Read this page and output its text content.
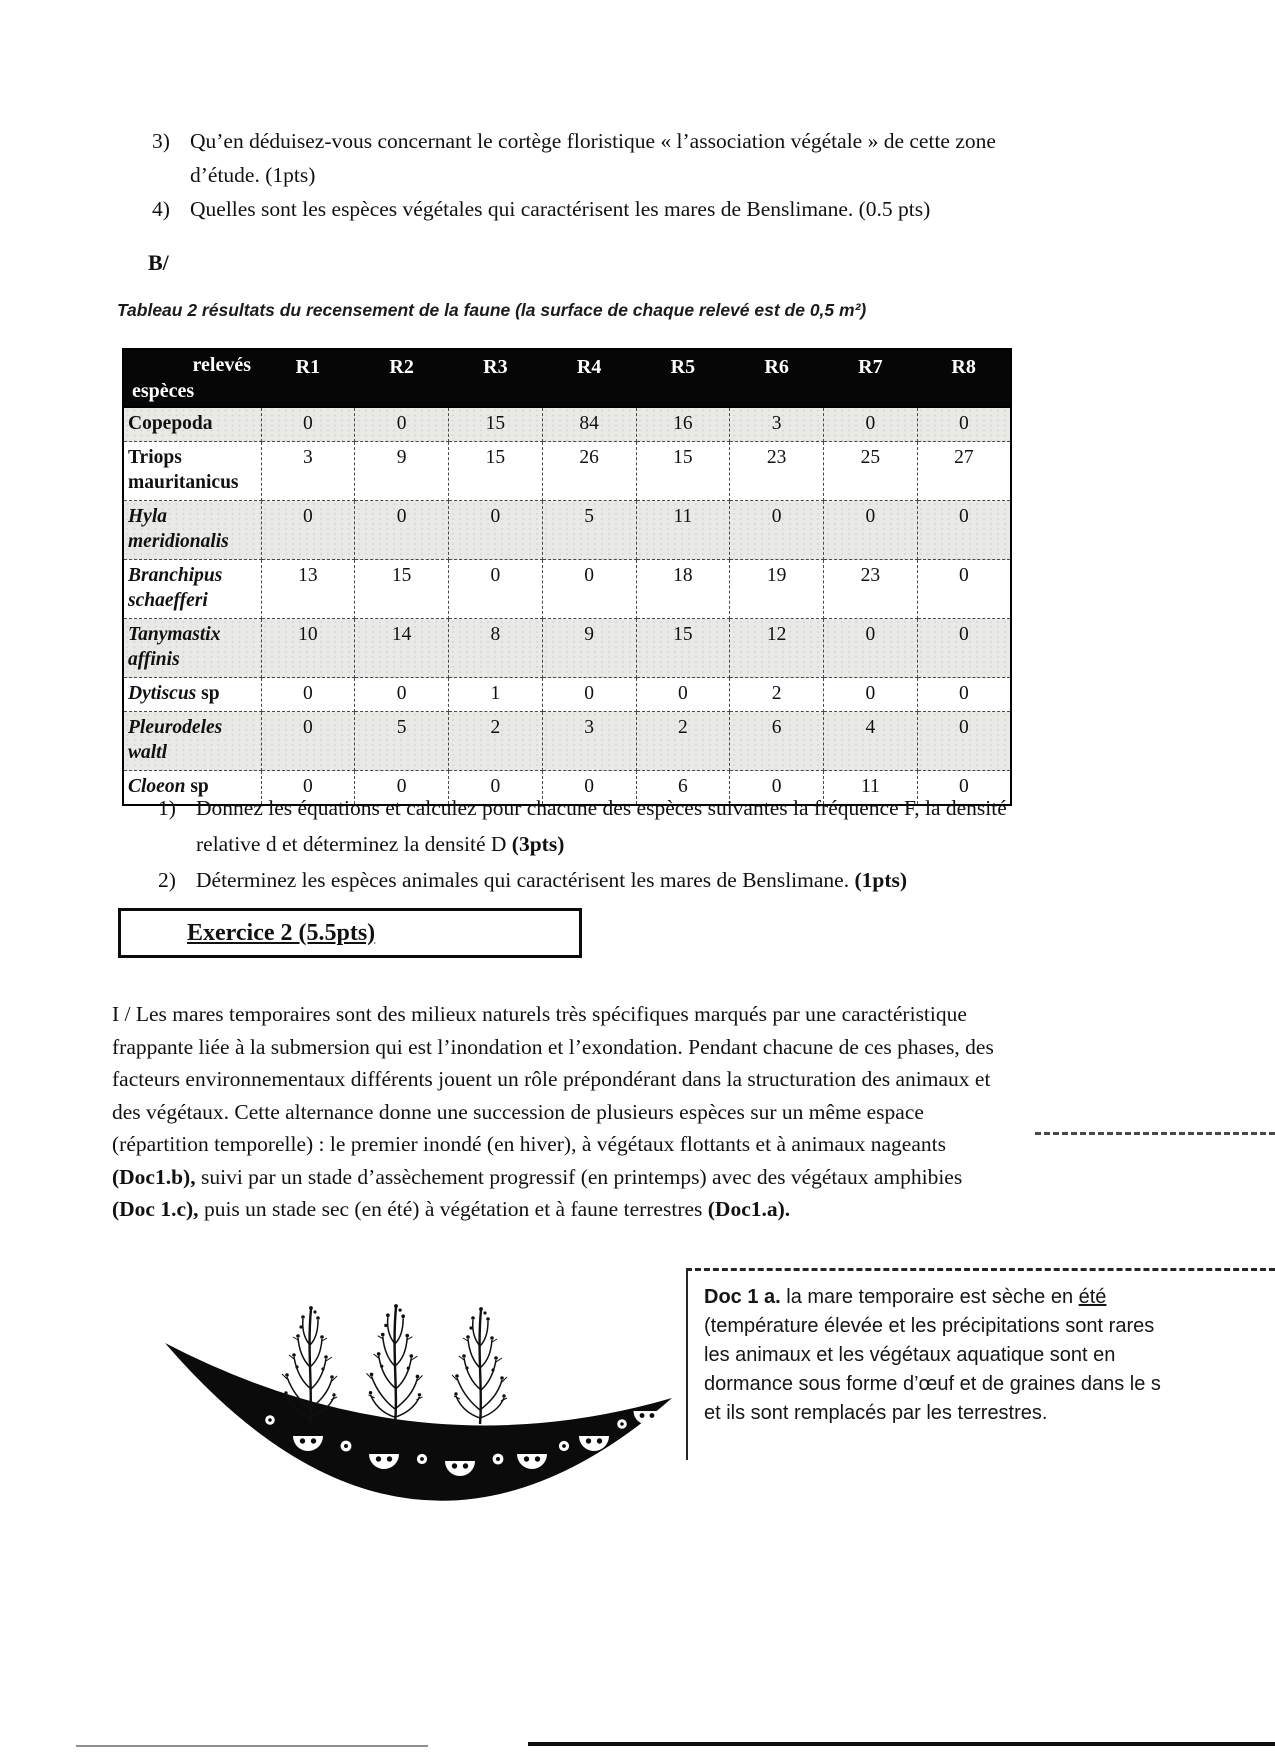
3) Qu’en déduisez-vous concernant le cortège floristique « l’association végétale » de cette zone d’étude. (1pts)
4) Quelles sont les espèces végétales qui caractérisent les mares de Benslimane. (0.5 pts)
B/
Tableau 2 résultats du recensement de la faune (la surface de chaque relevé est de 0,5 m²)
relevés
espèces	R1	R2	R3	R4	R5	R6	R7	R8
Copepoda	0	0	15	84	16	3	0	0
Triops mauritanicus	3	9	15	26	15	23	25	27
Hyla meridionalis	0	0	0	5	11	0	0	0
Branchipus schaefferi	13	15	0	0	18	19	23	0
Tanymastix affinis	10	14	8	9	15	12	0	0
Dytiscus sp	0	0	1	0	0	2	0	0
Pleurodeles waltl	0	5	2	3	2	6	4	0
Cloeon sp	0	0	0	0	6	0	11	0
1) Donnez les équations et calculez pour chacune des espèces suivantes la fréquence F, la densité relative d et déterminez la densité D (3pts)
2) Déterminez les espèces animales qui caractérisent les mares de Benslimane. (1pts)
Exercice 2 (5.5pts)
I / Les mares temporaires sont des milieux naturels très spécifiques marqués par une caractéristique frappante liée à la submersion qui est l’inondation et l’exondation. Pendant chacune de ces phases, des facteurs environnementaux différents jouent un rôle prépondérant dans la structuration des animaux et des végétaux. Cette alternance donne une succession de plusieurs espèces sur un même espace (répartition temporelle) : le premier inondé (en hiver), à végétaux flottants et à animaux nageants (Doc1.b), suivi par un stade d’assèchement progressif (en printemps) avec des végétaux amphibies (Doc 1.c), puis un stade sec (en été) à végétation et à faune terrestres (Doc1.a).
Doc 1 a. la mare temporaire est sèche en été
(température élevée et les précipitations sont rares
les animaux et les végétaux aquatique sont en
dormance sous forme d’œuf et de graines dans le s
et ils sont remplacés par les terrestres.
